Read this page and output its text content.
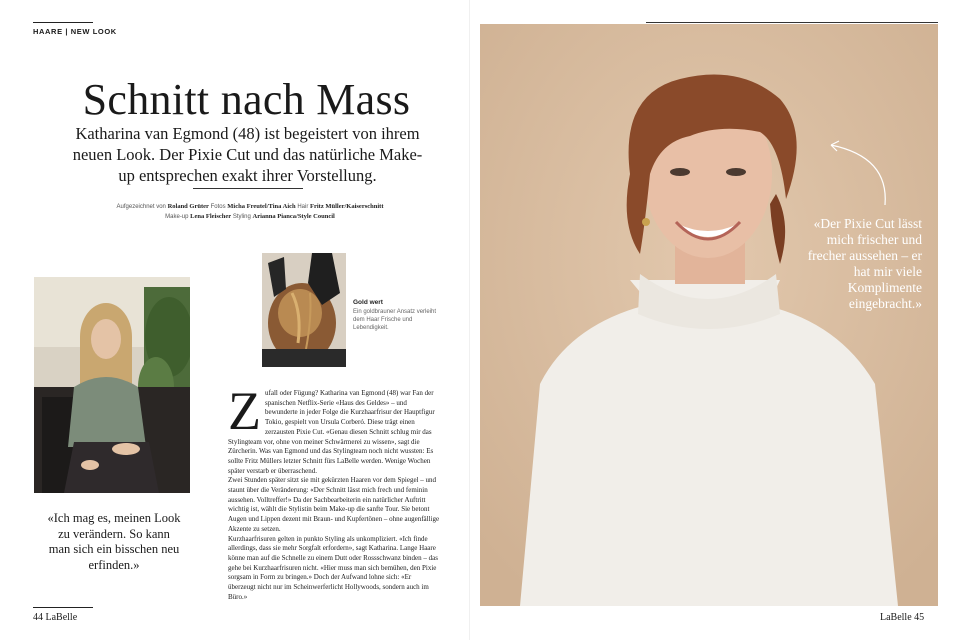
HAARE | NEW LOOK
Schnitt nach Mass

Katharina van Egmond (48) ist begeistert von ihrem neuen Look. Der Pixie Cut und das natürliche Make-up entsprechen exakt ihrer Vorstellung.

Aufgezeichnet von Roland Grüter Fotos Micha Freutel/Tina Aich Hair Fritz Müller/Kaiserschnitt
Make-up Lena Fleischer Styling Arianna Pianca/Style Council
Gold wert
Ein goldbrauner Ansatz verleiht dem Haar Frische und Lebendigkeit.

«Ich mag es, meinen Look zu verändern. So kann man sich ein bisschen neu erfinden.»

Z ufall oder Fügung? Katharina van Egmond (48) war Fan der spanischen Netflix-Serie «Haus des Geldes» – und bewunderte in jeder Folge die Kurzhaarfrisur der Hauptfigur Tokio, gespielt von Ursula Corberó. Diese trägt einen zerzausten Pixie Cut. «Genau diesen Schnitt schlug mir das Stylingteam vor, ohne von meiner Schwärmerei zu wissen», sagt die Zürcherin. Was van Egmond und das Stylingteam noch nicht wussten: Es sollte Fritz Müllers letzter Schnitt fürs LaBelle werden. Wenige Wochen später verstarb er überraschend.

Zwei Stunden später sitzt sie mit gekürzten Haaren vor dem Spiegel – und staunt über die Veränderung: «Der Schnitt lässt mich frech und feminin aussehen. Volltreffer!» Da der Sachbearbeiterin ein natürlicher Auftritt wichtig ist, wählt die Stylistin beim Make-up die sanfte Tour. Sie betont Augen und Lippen dezent mit Braun- und Kupfertönen – ohne augenfällige Akzente zu setzen.

Kurzhaarfrisuren gelten in punkto Styling als unkompliziert. «Ich finde allerdings, dass sie mehr Sorgfalt erfordern», sagt Katharina. Lange Haare könne man auf die Schnelle zu einem Dutt oder Rossschwanz binden – das gehe bei Kurzhaarfrisuren nicht. «Hier muss man sich bemühen, den Pixie sorgsam in Form zu bringen.» Doch der Aufwand lohne sich: «Er überzeugt nicht nur im Scheinwerferlicht Hollywoods, sondern auch im Büro.»

44 LaBelle

«Der Pixie Cut lässt mich frischer und frecher aussehen – er hat mir viele Komplimente eingebracht.»

LaBelle 45
